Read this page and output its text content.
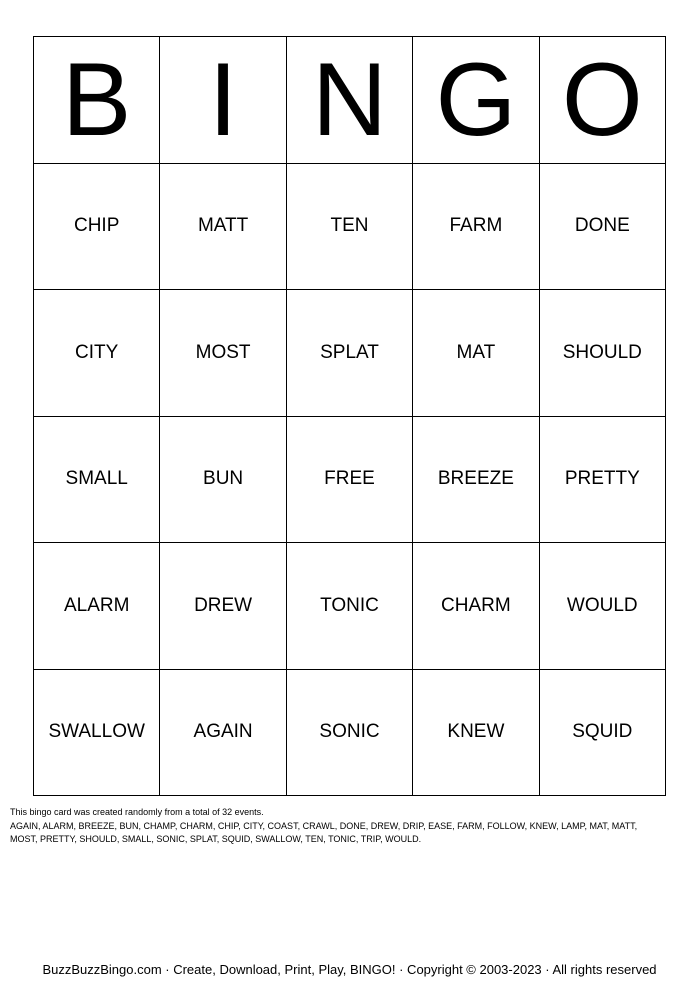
B I N G O
CHIP	MATT	TEN	FARM	DONE
CITY	MOST	SPLAT	MAT	SHOULD
SMALL	BUN	FREE	BREEZE	PRETTY
ALARM	DREW	TONIC	CHARM	WOULD
SWALLOW	AGAIN	SONIC	KNEW	SQUID
This bingo card was created randomly from a total of 32 events.
AGAIN, ALARM, BREEZE, BUN, CHAMP, CHARM, CHIP, CITY, COAST, CRAWL, DONE, DREW, DRIP, EASE, FARM, FOLLOW, KNEW, LAMP, MAT, MATT,
MOST, PRETTY, SHOULD, SMALL, SONIC, SPLAT, SQUID, SWALLOW, TEN, TONIC, TRIP, WOULD.
BuzzBuzzBingo.com · Create, Download, Print, Play, BINGO! · Copyright © 2003-2023 · All rights reserved
